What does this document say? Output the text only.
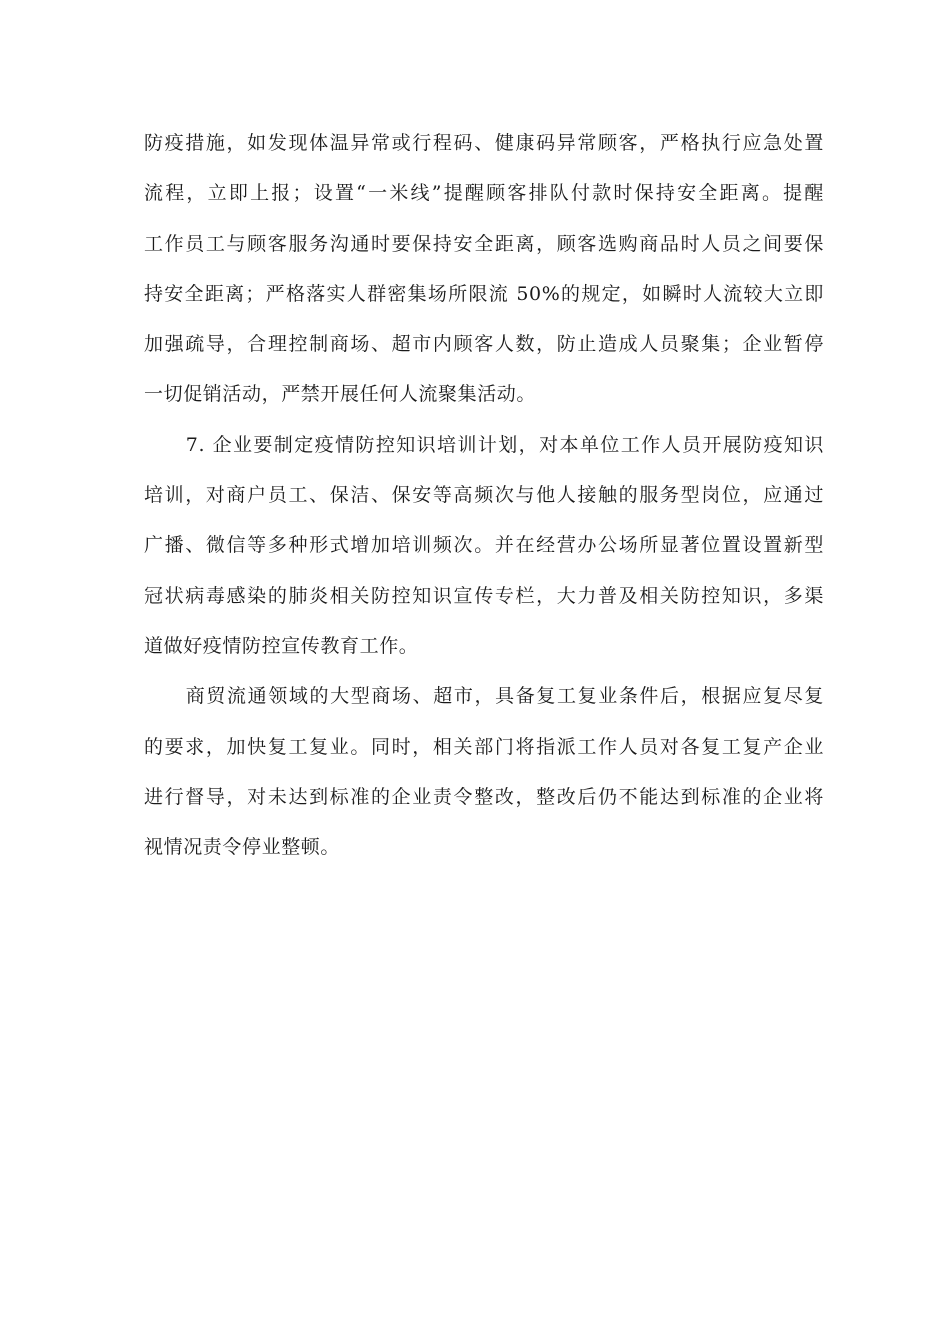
防疫措施，如发现体温异常或行程码、健康码异常顾客，严格执行应急处置
流程，立即上报；设置“一米线”提醒顾客排队付款时保持安全距离。提醒
工作员工与顾客服务沟通时要保持安全距离，顾客选购商品时人员之间要保
持安全距离；严格落实人群密集场所限流 50%的规定，如瞬时人流较大立即
加强疏导，合理控制商场、超市内顾客人数，防止造成人员聚集；企业暂停
一切促销活动，严禁开展任何人流聚集活动。
7. 企业要制定疫情防控知识培训计划，对本单位工作人员开展防疫知识
培训，对商户员工、保洁、保安等高频次与他人接触的服务型岗位，应通过
广播、微信等多种形式增加培训频次。并在经营办公场所显著位置设置新型
冠状病毒感染的肺炎相关防控知识宣传专栏，大力普及相关防控知识，多渠
道做好疫情防控宣传教育工作。
商贸流通领域的大型商场、超市，具备复工复业条件后，根据应复尽复
的要求，加快复工复业。同时，相关部门将指派工作人员对各复工复产企业
进行督导，对未达到标准的企业责令整改，整改后仍不能达到标准的企业将
视情况责令停业整顿。
